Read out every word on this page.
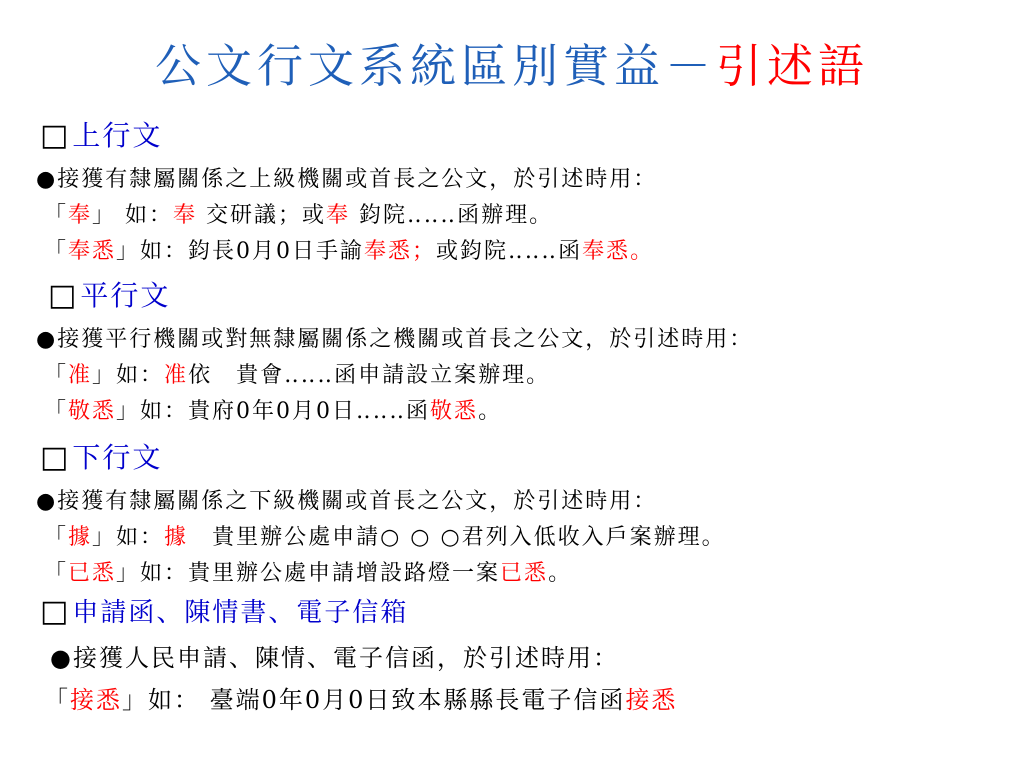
公文行文系統區別實益－引述語
□上行文
●接獲有隸屬關係之上級機關或首長之公文，於引述時用：
「奉」 如：奉 交研議；或奉 鈞院‥‥‥函辦理。
「奉悉」如：鈞長0月0日手諭奉悉；或鈞院‥‥‥函奉悉。
□平行文
●接獲平行機關或對無隸屬關係之機關或首長之公文，於引述時用：
「准」如：准依　貴會‥‥‥函申請設立案辦理。
「敬悉」如：貴府0年0月0日‥‥‥函敬悉。
□下行文
●接獲有隸屬關係之下級機關或首長之公文，於引述時用：
「據」如：據　貴里辦公處申請○ ○ ○君列入低收入戶案辦理。
「已悉」如：貴里辦公處申請增設路燈一案已悉。
□申請函、陳情書、電子信箱
●接獲人民申請、陳情、電子信函，於引述時用：
「接悉」如： 臺端0年0月0日致本縣縣長電子信函接悉
